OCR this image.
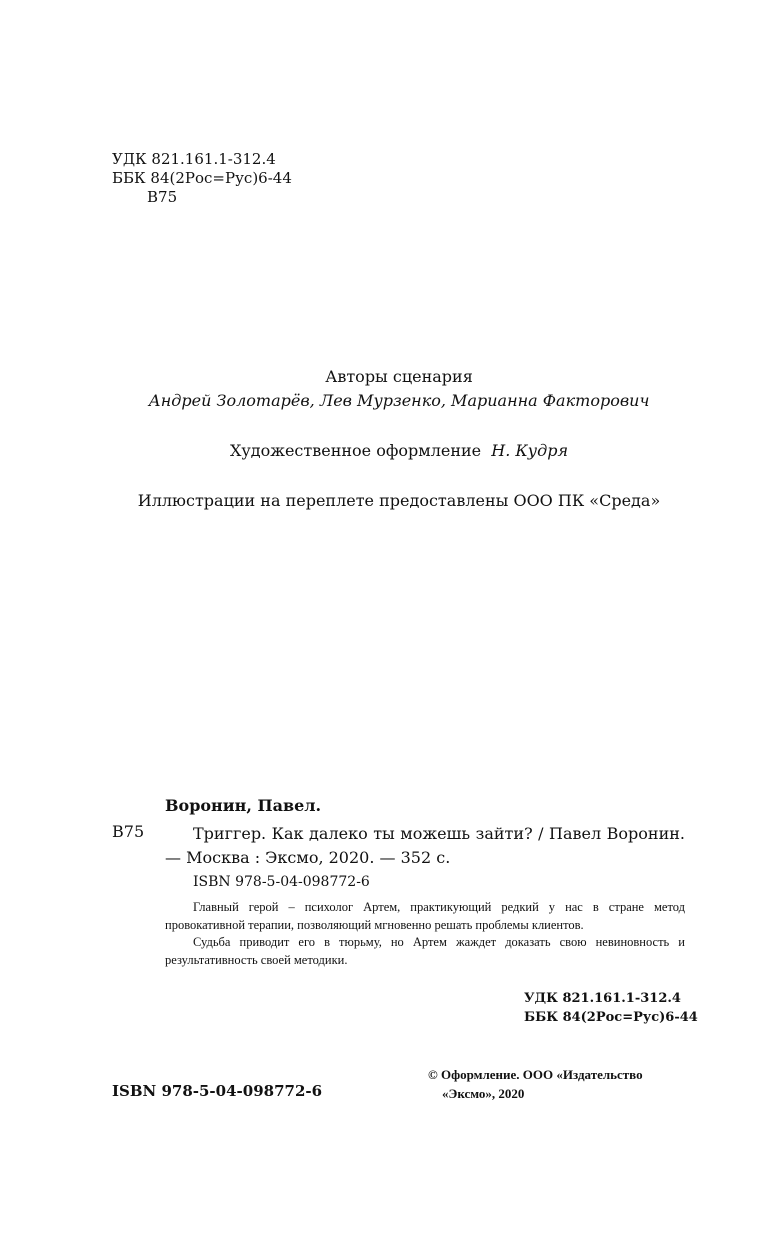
УДК 821.161.1-312.4
ББК 84(2Рос=Рус)6-44
В75
Авторы сценария
Андрей Золотарёв, Лев Мурзенко, Марианна Факторович
Художественное оформление Н. Кудря
Иллюстрации на переплете предоставлены ООО ПК «Среда»
Воронин, Павел.
В75	Триггер. Как далеко ты можешь зайти? / Павел Воронин. — Москва : Эксмо, 2020. — 352 с.
ISBN 978-5-04-098772-6

Главный герой – психолог Артем, практикующий редкий у нас в стране метод провокативной терапии, позволяющий мгновенно решать проблемы клиентов.

Судьба приводит его в тюрьму, но Артем жаждет доказать свою невиновность и результативность своей методики.

УДК 821.161.1-312.4
ББК 84(2Рос=Рус)6-44
ISBN 978-5-04-098772-6
© Оформление. ООО «Издательство
«Эксмо», 2020
